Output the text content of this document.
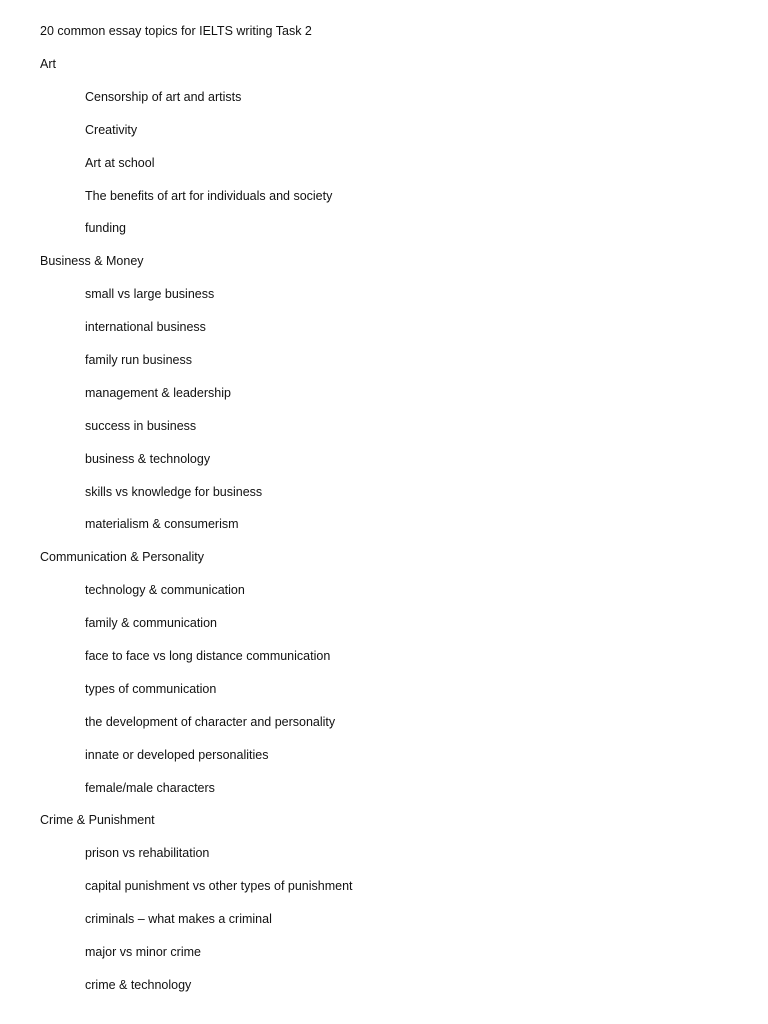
20 common essay topics for IELTS writing Task 2
Art
Censorship of art and artists
Creativity
Art at school
The benefits of art for individuals and society
funding
Business & Money
small vs large business
international business
family run business
management & leadership
success in business
business & technology
skills vs knowledge for business
materialism & consumerism
Communication & Personality
technology & communication
family & communication
face to face vs long distance communication
types of communication
the development of character and personality
innate or developed personalities
female/male characters
Crime & Punishment
prison vs rehabilitation
capital punishment vs other types of punishment
criminals – what makes a criminal
major vs minor crime
crime & technology
